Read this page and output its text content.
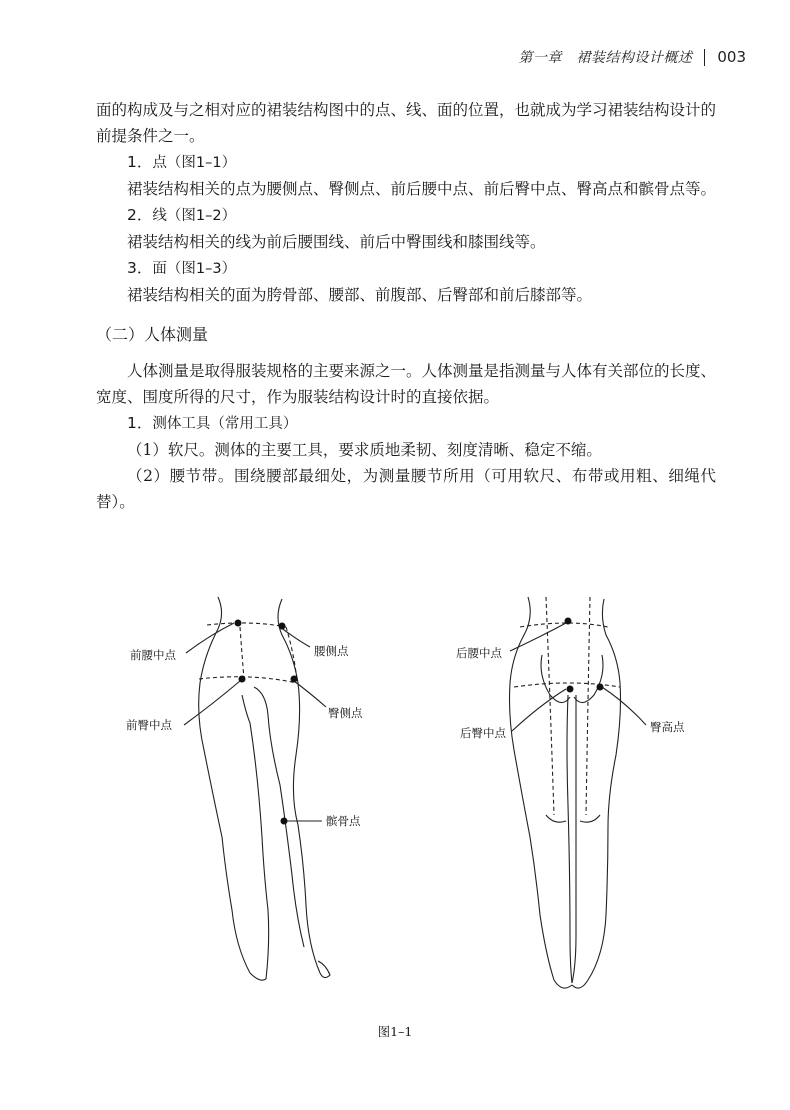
第一章　裙装结构设计概述 003

面的构成及与之相对应的裙装结构图中的点、线、面的位置，也就成为学习裙装结构设计的前提条件之一。

1．点（图1–1）

裙装结构相关的点为腰侧点、臀侧点、前后腰中点、前后臀中点、臀高点和髌骨点等。

2．线（图1–2）

裙装结构相关的线为前后腰围线、前后中臀围线和膝围线等。

3．面（图1–3）

裙装结构相关的面为胯骨部、腰部、前腹部、后臀部和前后膝部等。

（二）人体测量

人体测量是取得服装规格的主要来源之一。人体测量是指测量与人体有关部位的长度、宽度、围度所得的尺寸，作为服装结构设计时的直接依据。

1．测体工具（常用工具）

（1）软尺。测体的主要工具，要求质地柔韧、刻度清晰、稳定不缩。

（2）腰节带。围绕腰部最细处，为测量腰节所用（可用软尺、布带或用粗、细绳代替）。

前腰中点	腰侧点
前臀中点
臀侧点
髌骨点
后腰中点
后臀中点	臀高点
图1–1
